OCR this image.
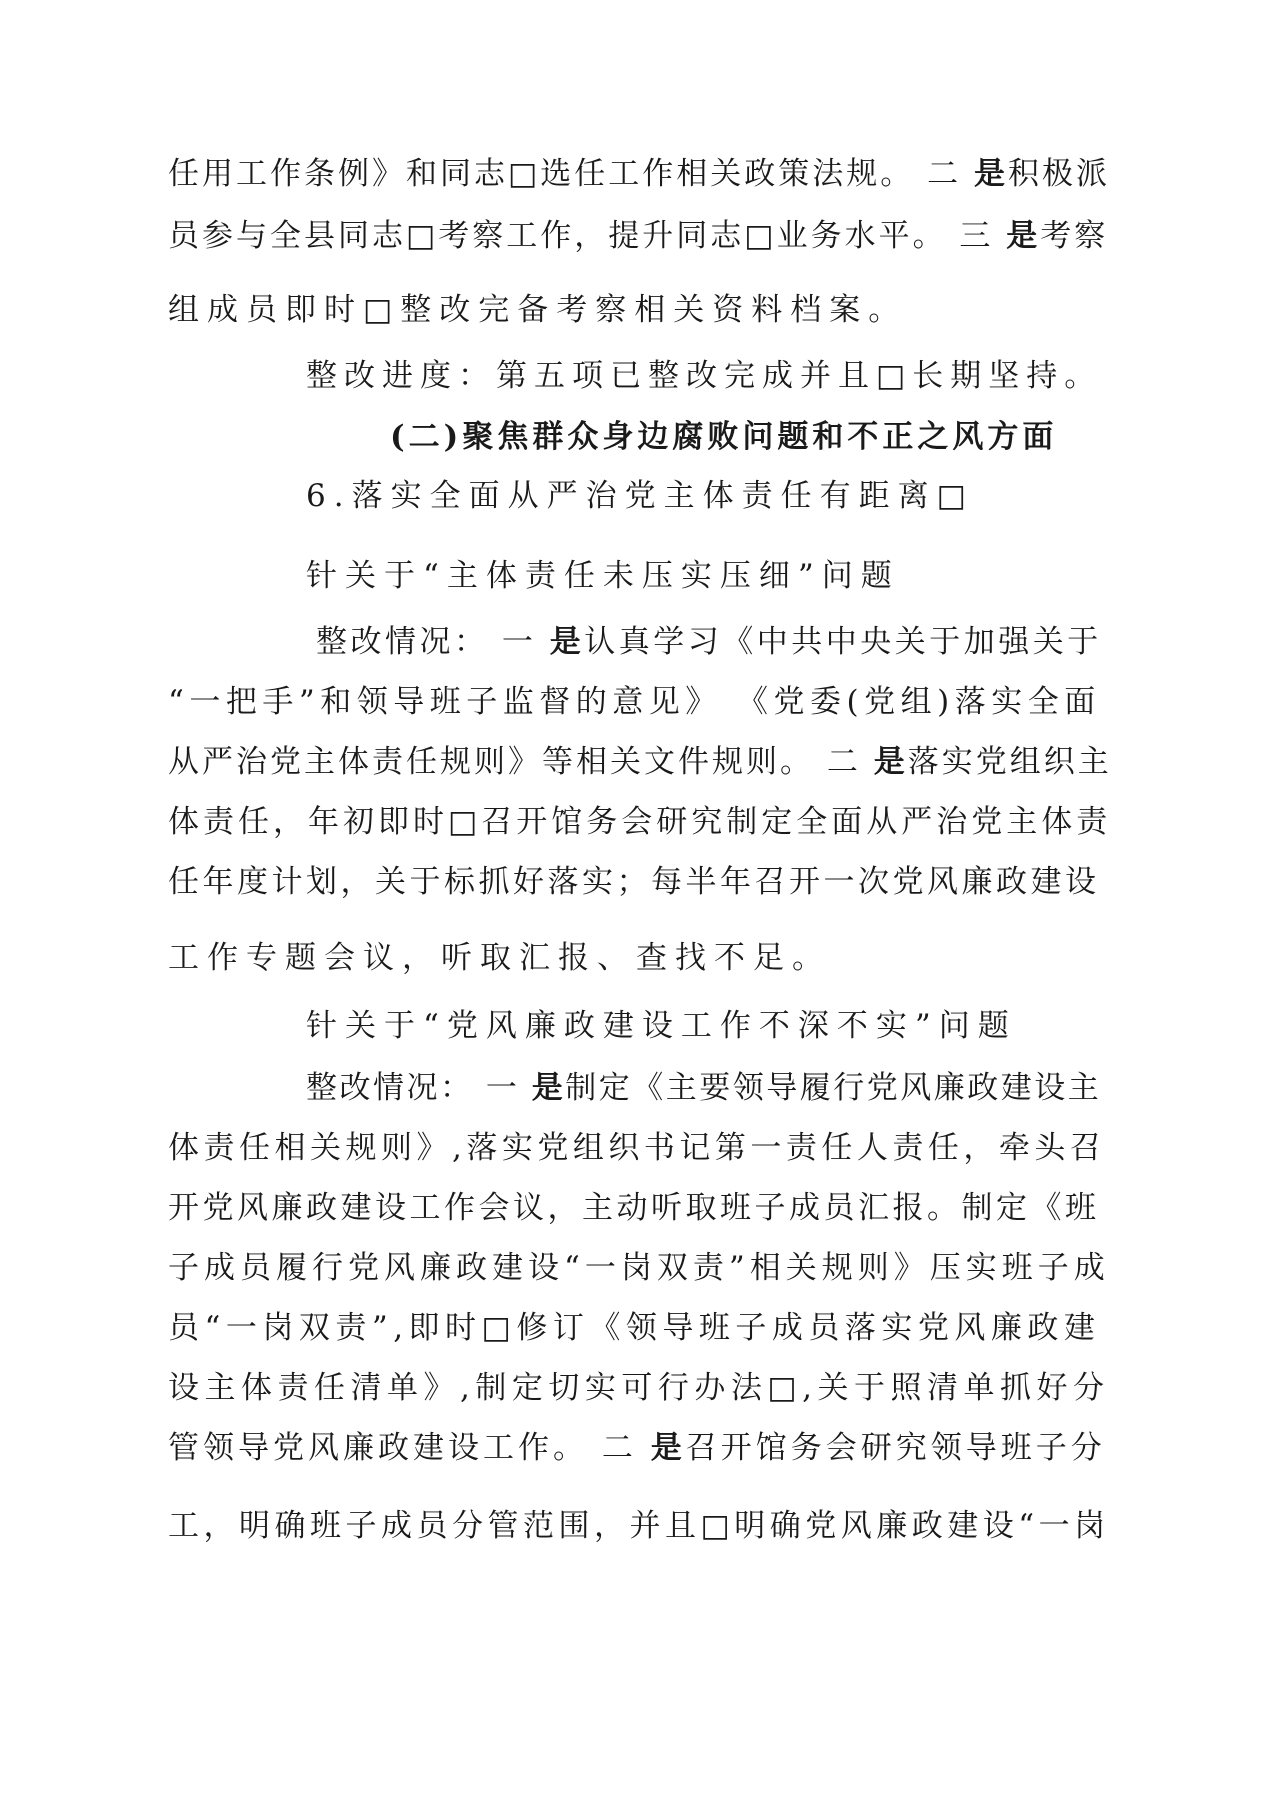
任用工作条例》和同志□选任工作相关政策法规。 二 是积极派
员参与全县同志□考察工作，提升同志□业务水平。 三 是考察
组成员即时□整改完备考察相关资料档案。
整改进度：第五项已整改完成并且□长期坚持。
(二)聚焦群众身边腐败问题和不正之风方面
6.落实全面从严治党主体责任有距离□
针关于“主体责任未压实压细”问题
整改情况： 一 是认真学习《中共中央关于加强关于
“一把手”和领导班子监督的意见》 《党委(党组)落实全面
从严治党主体责任规则》等相关文件规则。 二 是落实党组织主
体责任，年初即时□召开馆务会研究制定全面从严治党主体责
任年度计划，关于标抓好落实；每半年召开一次党风廉政建设
工作专题会议，听取汇报、查找不足。
针关于“党风廉政建设工作不深不实”问题
整改情况： 一 是制定《主要领导履行党风廉政建设主
体责任相关规则》,落实党组织书记第一责任人责任，牵头召
开党风廉政建设工作会议，主动听取班子成员汇报。制定《班
子成员履行党风廉政建设“一岗双责”相关规则》压实班子成
员“一岗双责”,即时□修订《领导班子成员落实党风廉政建
设主体责任清单》,制定切实可行办法□,关于照清单抓好分
管领导党风廉政建设工作。 二 是召开馆务会研究领导班子分
工，明确班子成员分管范围，并且□明确党风廉政建设“一岗
